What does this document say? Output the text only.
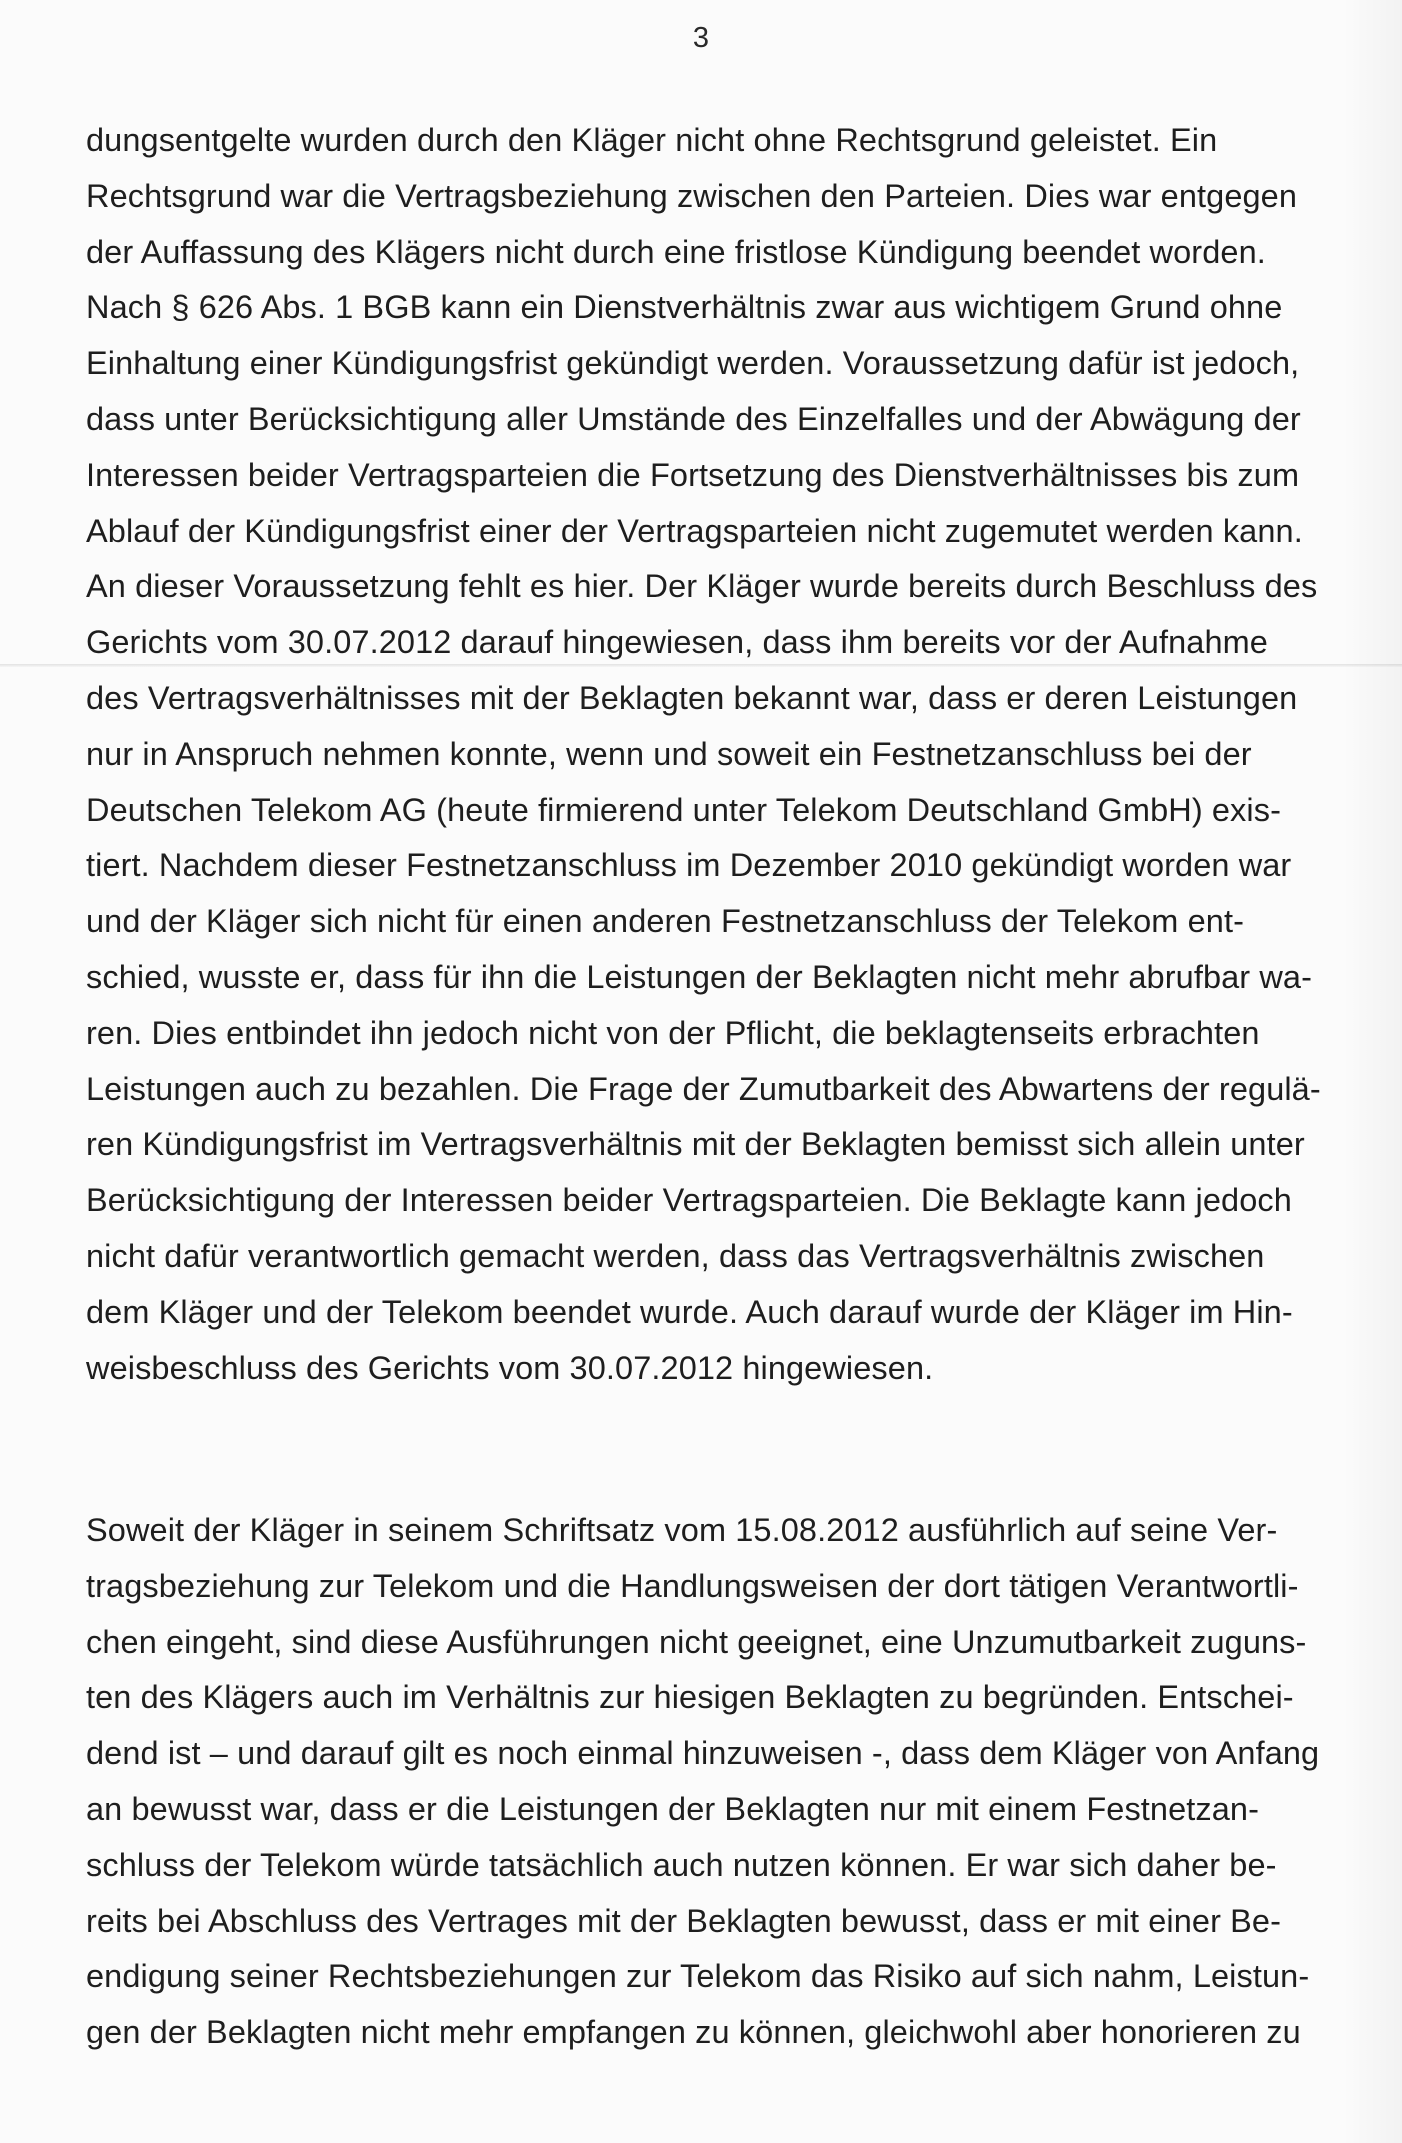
3
dungsentgelte wurden durch den Kläger nicht ohne Rechtsgrund geleistet. Ein
Rechtsgrund war die Vertragsbeziehung zwischen den Parteien. Dies war entgegen
der Auffassung des Klägers nicht durch eine fristlose Kündigung beendet worden.
Nach § 626 Abs. 1 BGB kann ein Dienstverhältnis zwar aus wichtigem Grund ohne
Einhaltung einer Kündigungsfrist gekündigt werden. Voraussetzung dafür ist jedoch,
dass unter Berücksichtigung aller Umstände des Einzelfalles und der Abwägung der
Interessen beider Vertragsparteien die Fortsetzung des Dienstverhältnisses bis zum
Ablauf der Kündigungsfrist einer der Vertragsparteien nicht zugemutet werden kann.
An dieser Voraussetzung fehlt es hier. Der Kläger wurde bereits durch Beschluss des
Gerichts vom 30.07.2012 darauf hingewiesen, dass ihm bereits vor der Aufnahme
des Vertragsverhältnisses mit der Beklagten bekannt war, dass er deren Leistungen
nur in Anspruch nehmen konnte, wenn und soweit ein Festnetzanschluss bei der
Deutschen Telekom AG (heute firmierend unter Telekom Deutschland GmbH) exis-
tiert. Nachdem dieser Festnetzanschluss im Dezember 2010 gekündigt worden war
und der Kläger sich nicht für einen anderen Festnetzanschluss der Telekom ent-
schied, wusste er, dass für ihn die Leistungen der Beklagten nicht mehr abrufbar wa-
ren. Dies entbindet ihn jedoch nicht von der Pflicht, die beklagtenseits erbrachten
Leistungen auch zu bezahlen. Die Frage der Zumutbarkeit des Abwartens der regulä-
ren Kündigungsfrist im Vertragsverhältnis mit der Beklagten bemisst sich allein unter
Berücksichtigung der Interessen beider Vertragsparteien. Die Beklagte kann jedoch
nicht dafür verantwortlich gemacht werden, dass das Vertragsverhältnis zwischen
dem Kläger und der Telekom beendet wurde. Auch darauf wurde der Kläger im Hin-
weisbeschluss des Gerichts vom 30.07.2012 hingewiesen.
Soweit der Kläger in seinem Schriftsatz vom 15.08.2012 ausführlich auf seine Ver-
tragsbeziehung zur Telekom und die Handlungsweisen der dort tätigen Verantwortli-
chen eingeht, sind diese Ausführungen nicht geeignet, eine Unzumutbarkeit zuguns-
ten des Klägers auch im Verhältnis zur hiesigen Beklagten zu begründen. Entschei-
dend ist – und darauf gilt es noch einmal hinzuweisen -, dass dem Kläger von Anfang
an bewusst war, dass er die Leistungen der Beklagten nur mit einem Festnetzan-
schluss der Telekom würde tatsächlich auch nutzen können. Er war sich daher be-
reits bei Abschluss des Vertrages mit der Beklagten bewusst, dass er mit einer Be-
endigung seiner Rechtsbeziehungen zur Telekom das Risiko auf sich nahm, Leistun-
gen der Beklagten nicht mehr empfangen zu können, gleichwohl aber honorieren zu
